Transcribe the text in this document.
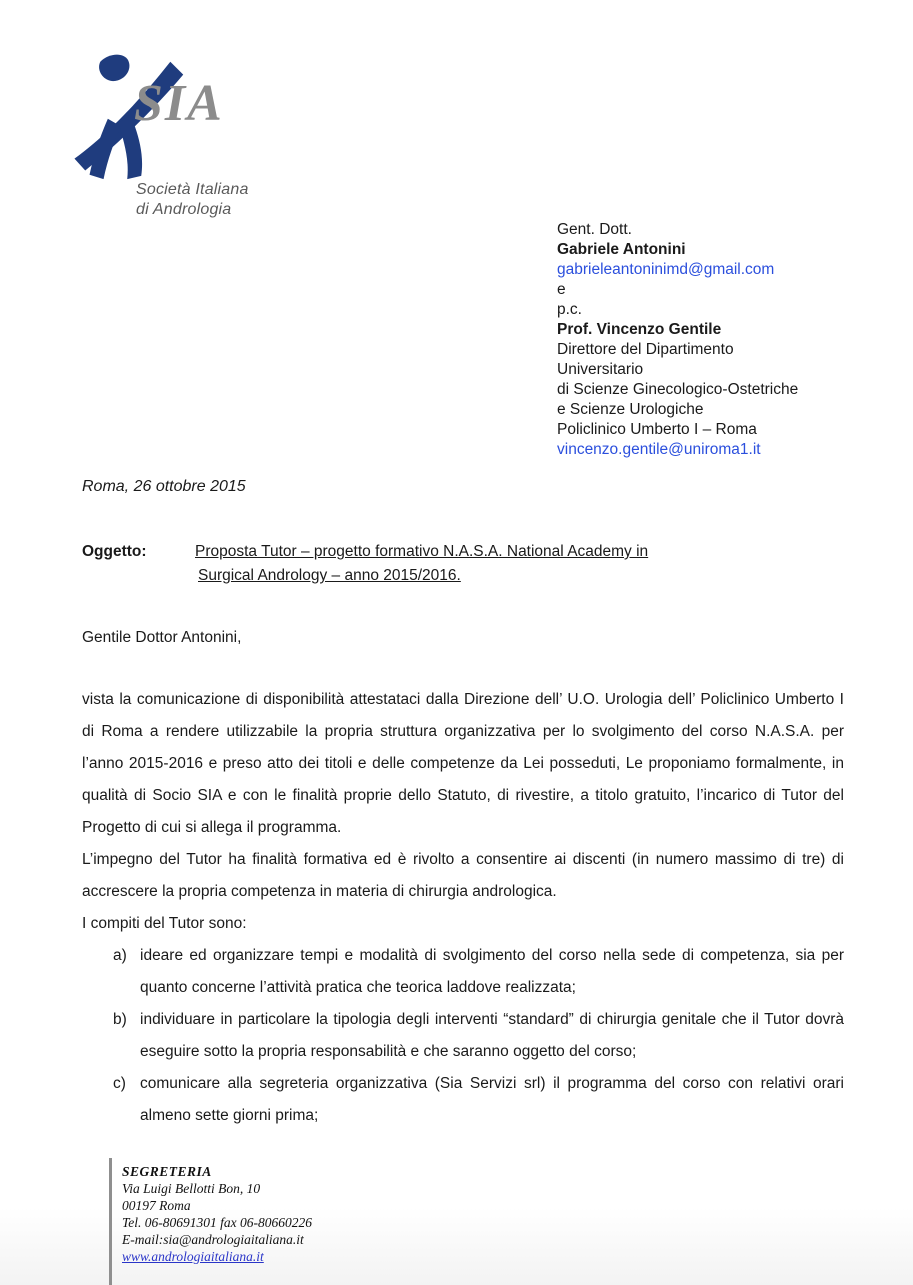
SIA
Società Italiana
di Andrologia
Gent. Dott.
Gabriele Antonini
gabrieleantoninimd@gmail.com
e
p.c.
Prof. Vincenzo Gentile
Direttore del Dipartimento
Universitario
di Scienze Ginecologico-Ostetriche
e Scienze Urologiche
Policlinico Umberto I – Roma
vincenzo.gentile@uniroma1.it
Roma, 26 ottobre 2015
Oggetto:	Proposta Tutor – progetto formativo N.A.S.A. National Academy in
Surgical Andrology – anno 2015/2016.

Gentile Dottor Antonini,

vista la comunicazione di disponibilità attestataci dalla Direzione dell’ U.O. Urologia dell’ Policlinico Umberto I di Roma a rendere utilizzabile la propria struttura organizzativa per lo svolgimento del corso N.A.S.A. per l’anno 2015-2016 e preso atto dei titoli e delle competenze da Lei posseduti, Le proponiamo formalmente, in qualità di Socio SIA e con le finalità proprie dello Statuto, di rivestire, a titolo gratuito, l’incarico di Tutor del Progetto di cui si allega il programma.

L’impegno del Tutor ha finalità formativa ed è rivolto a consentire ai discenti (in numero massimo di tre) di accrescere la propria competenza in materia di chirurgia andrologica.

I compiti del Tutor sono:

a) ideare ed organizzare tempi e modalità di svolgimento del corso nella sede di competenza, sia per quanto concerne l’attività pratica che teorica laddove realizzata;

b) individuare in particolare la tipologia degli interventi “standard” di chirurgia genitale che il Tutor dovrà eseguire sotto la propria responsabilità e che saranno oggetto del corso;

c) comunicare alla segreteria organizzativa (Sia Servizi srl) il programma del corso con relativi orari almeno sette giorni prima;

SEGRETERIA
Via Luigi Bellotti Bon, 10
00197 Roma
Tel. 06-80691301 fax 06-80660226
E-mail:sia@andrologiaitaliana.it
www.andrologiaitaliana.it
